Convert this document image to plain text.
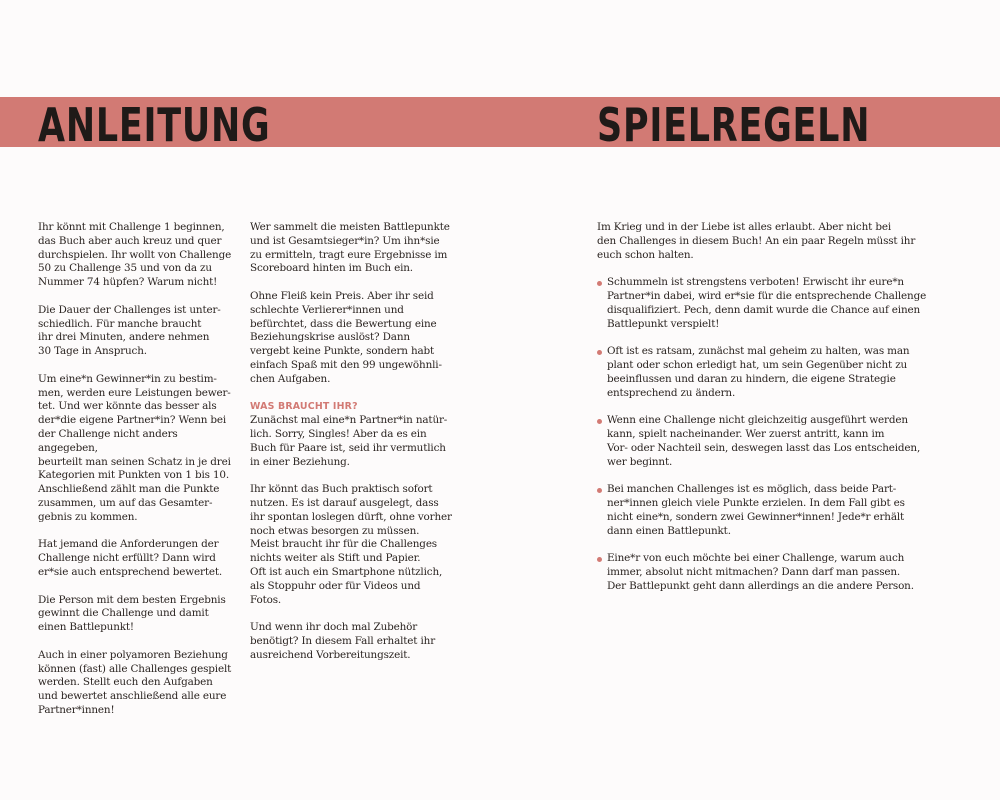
ANLEITUNG	SPIELREGELN

Ihr könnt mit Challenge 1 beginnen,
das Buch aber auch kreuz und quer
durchspielen. Ihr wollt von Challenge
50 zu Challenge 35 und von da zu
Nummer 74 hüpfen? Warum nicht!

Die Dauer der Challenges ist unter-
schiedlich. Für manche braucht
ihr drei Minuten, andere nehmen
30 Tage in Anspruch.

Um eine*n Gewinner*in zu bestim-
men, werden eure Leistungen bewer-
tet. Und wer könnte das besser als
der*die eigene Partner*in? Wenn bei
der Challenge nicht anders angegeben,
beurteilt man seinen Schatz in je drei
Kategorien mit Punkten von 1 bis 10.
Anschließend zählt man die Punkte
zusammen, um auf das Gesamter-
gebnis zu kommen.

Hat jemand die Anforderungen der
Challenge nicht erfüllt? Dann wird
er*sie auch entsprechend bewertet.

Die Person mit dem besten Ergebnis
gewinnt die Challenge und damit
einen Battlepunkt!

Auch in einer polyamoren Beziehung
können (fast) alle Challenges gespielt
werden. Stellt euch den Aufgaben
und bewertet anschließend alle eure
Partner*innen!

Wer sammelt die meisten Battlepunkte
und ist Gesamtsieger*in? Um ihn*sie
zu ermitteln, tragt eure Ergebnisse im
Scoreboard hinten im Buch ein.

Ohne Fleiß kein Preis. Aber ihr seid
schlechte Verlierer*innen und
befürchtet, dass die Bewertung eine
Beziehungskrise auslöst? Dann
vergebt keine Punkte, sondern habt
einfach Spaß mit den 99 ungewöhnli-
chen Aufgaben.

WAS BRAUCHT IHR?
Zunächst mal eine*n Partner*in natür-
lich. Sorry, Singles! Aber da es ein
Buch für Paare ist, seid ihr vermutlich
in einer Beziehung.

Ihr könnt das Buch praktisch sofort
nutzen. Es ist darauf ausgelegt, dass
ihr spontan loslegen dürft, ohne vorher
noch etwas besorgen zu müssen.
Meist braucht ihr für die Challenges
nichts weiter als Stift und Papier.
Oft ist auch ein Smartphone nützlich,
als Stoppuhr oder für Videos und
Fotos.

Und wenn ihr doch mal Zubehör
benötigt? In diesem Fall erhaltet ihr
ausreichend Vorbereitungszeit.

Im Krieg und in der Liebe ist alles erlaubt. Aber nicht bei
den Challenges in diesem Buch! An ein paar Regeln müsst ihr
euch schon halten.

Schummeln ist strengstens verboten! Erwischt ihr eure*n
Partner*in dabei, wird er*sie für die entsprechende Challenge
disqualifiziert. Pech, denn damit wurde die Chance auf einen
Battlepunkt verspielt!
Oft ist es ratsam, zunächst mal geheim zu halten, was man
plant oder schon erledigt hat, um sein Gegenüber nicht zu
beeinflussen und daran zu hindern, die eigene Strategie
entsprechend zu ändern.
Wenn eine Challenge nicht gleichzeitig ausgeführt werden
kann, spielt nacheinander. Wer zuerst antritt, kann im
Vor- oder Nachteil sein, deswegen lasst das Los entscheiden,
wer beginnt.
Bei manchen Challenges ist es möglich, dass beide Part-
ner*innen gleich viele Punkte erzielen. In dem Fall gibt es
nicht eine*n, sondern zwei Gewinner*innen! Jede*r erhält
dann einen Battlepunkt.
Eine*r von euch möchte bei einer Challenge, warum auch
immer, absolut nicht mitmachen? Dann darf man passen.
Der Battlepunkt geht dann allerdings an die andere Person.
